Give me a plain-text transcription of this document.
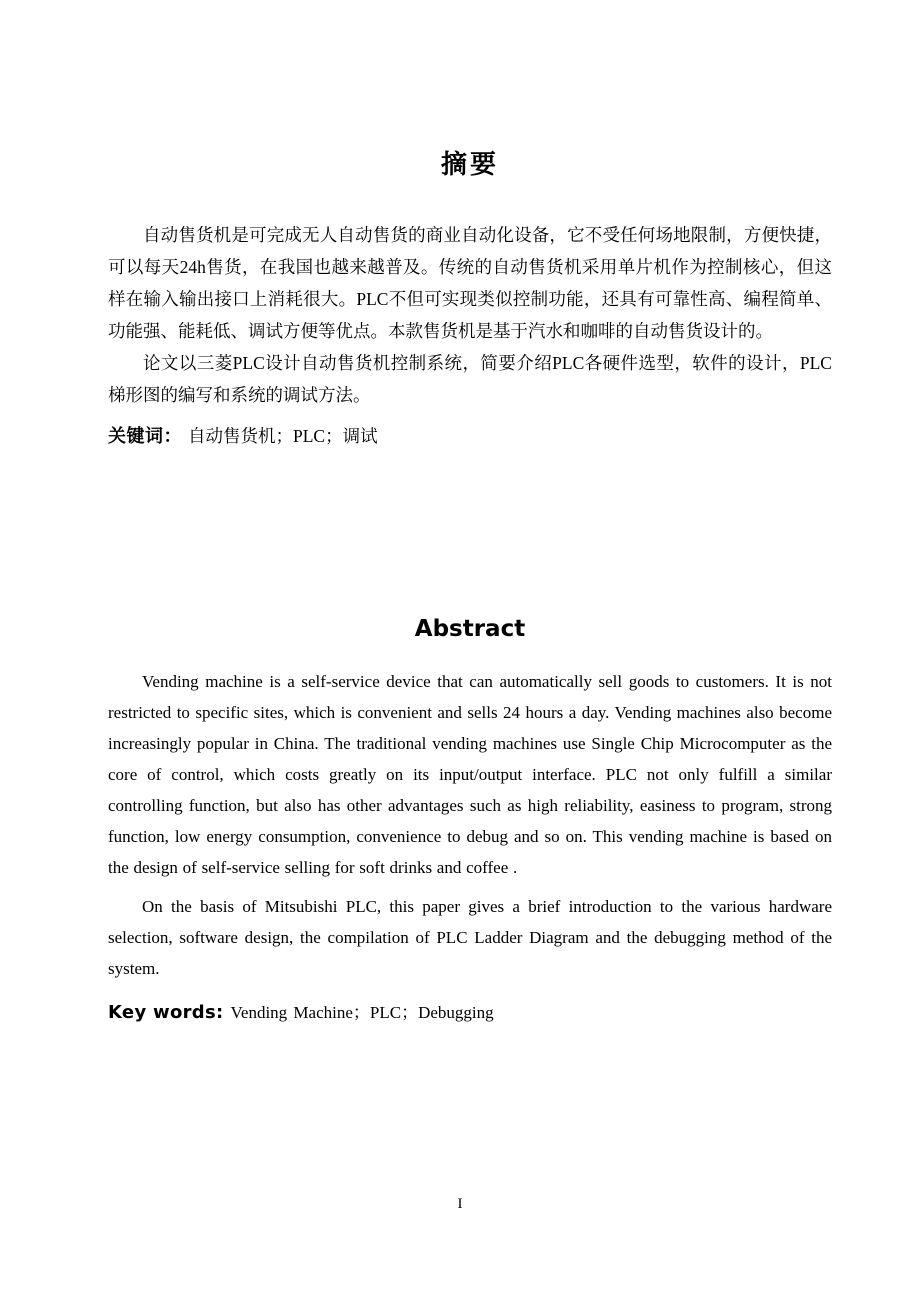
摘要

自动售货机是可完成无人自动售货的商业自动化设备，它不受任何场地限制，方便快捷，可以每天24h售货，在我国也越来越普及。传统的自动售货机采用单片机作为控制核心，但这样在输入输出接口上消耗很大。PLC不但可实现类似控制功能，还具有可靠性高、编程简单、功能强、能耗低、调试方便等优点。本款售货机是基于汽水和咖啡的自动售货设计的。

论文以三菱PLC设计自动售货机控制系统，简要介绍PLC各硬件选型，软件的设计，PLC梯形图的编写和系统的调试方法。

关键词： 自动售货机；PLC；调试

Abstract

Vending machine is a self-service device that can automatically sell goods to customers. It is not restricted to specific sites, which is convenient and sells 24 hours a day. Vending machines also become increasingly popular in China. The traditional vending machines use Single Chip Microcomputer as the core of control, which costs greatly on its input/output interface. PLC not only fulfill a similar controlling function, but also has other advantages such as high reliability, easiness to program, strong function, low energy consumption, convenience to debug and so on. This vending machine is based on the design of self-service selling for soft drinks and coffee .

On the basis of Mitsubishi PLC, this paper gives a brief introduction to the various hardware selection, software design, the compilation of PLC Ladder Diagram and the debugging method of the system.

Key words: Vending Machine；PLC；Debugging

I
